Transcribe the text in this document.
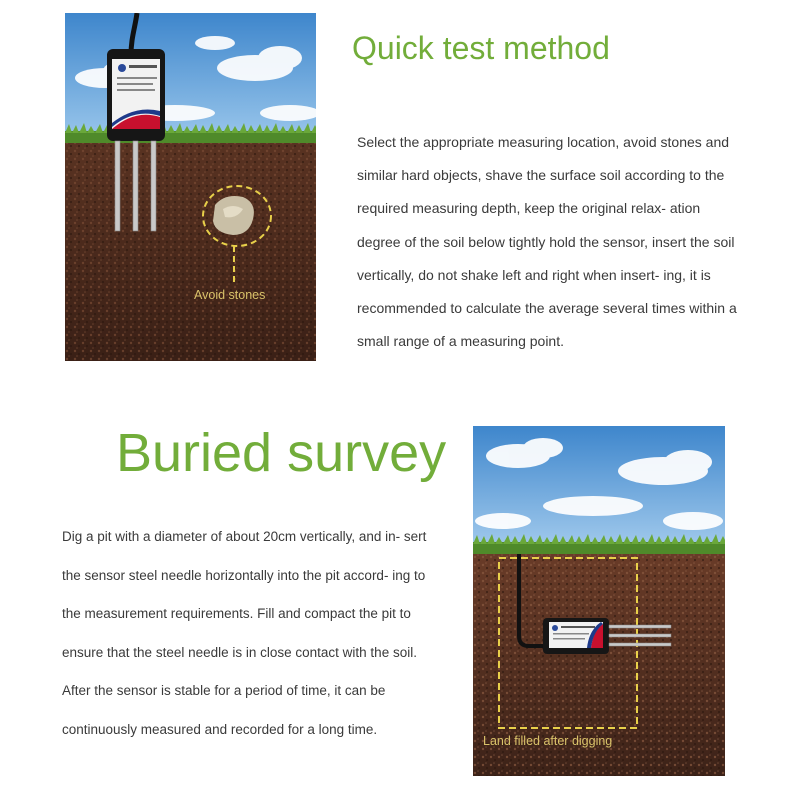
Avoid stones
Quick test method

Select the appropriate measuring location, avoid stones and similar hard objects, shave the surface soil according to the required measuring depth, keep the original relax- ation degree of the soil below tightly hold the sensor, insert the soil vertically, do not shake left and right when insert- ing, it is recommended to calculate the average several times within a small range of a measuring point.

Buried survey

Dig a pit with a diameter of about 20cm vertically, and in- sert the sensor steel needle horizontally into the pit accord- ing to the measurement requirements. Fill and compact the pit to ensure that the steel needle is in close contact with the soil. After the sensor is stable for a period of time, it can be continuously measured and recorded for a long time.

Land filled after digging
